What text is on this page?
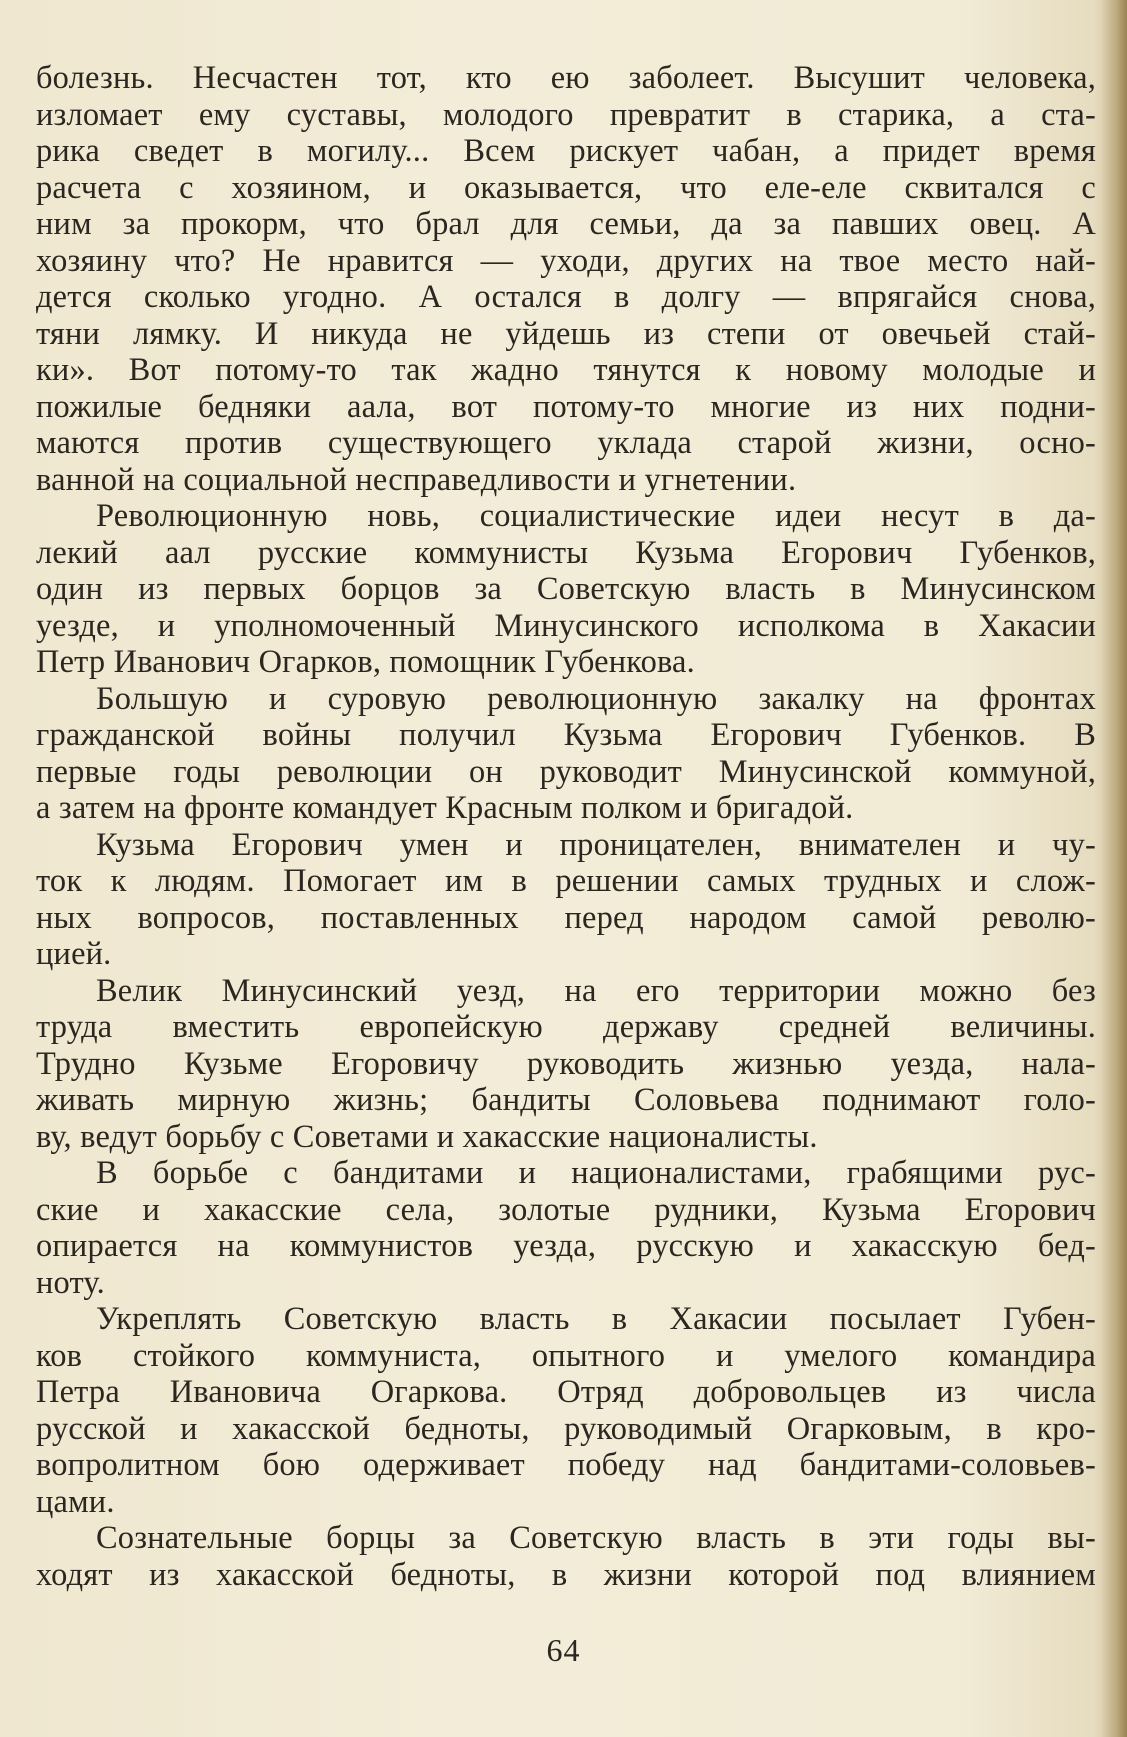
болезнь. Несчастен тот, кто ею заболеет. Высушит человека,
изломает ему суставы, молодого превратит в старика, а ста-
рика сведет в могилу... Всем рискует чабан, а придет время
расчета с хозяином, и оказывается, что еле-еле сквитался с
ним за прокорм, что брал для семьи, да за павших овец. А
хозяину что? Не нравится — уходи, других на твое место най-
дется сколько угодно. А остался в долгу — впрягайся снова,
тяни лямку. И никуда не уйдешь из степи от овечьей стай-
ки». Вот потому-то так жадно тянутся к новому молодые и
пожилые бедняки аала, вот потому-то многие из них подни-
маются против существующего уклада старой жизни, осно-
ванной на социальной несправедливости и угнетении.

Революционную новь, социалистические идеи несут в да-
лекий аал русские коммунисты Кузьма Егорович Губенков,
один из первых борцов за Советскую власть в Минусинском
уезде, и уполномоченный Минусинского исполкома в Хакасии
Петр Иванович Огарков, помощник Губенкова.

Большую и суровую революционную закалку на фронтах
гражданской войны получил Кузьма Егорович Губенков. В
первые годы революции он руководит Минусинской коммуной,
а затем на фронте командует Красным полком и бригадой.

Кузьма Егорович умен и проницателен, внимателен и чу-
ток к людям. Помогает им в решении самых трудных и слож-
ных вопросов, поставленных перед народом самой револю-
цией.

Велик Минусинский уезд, на его территории можно без
труда вместить европейскую державу средней величины.
Трудно Кузьме Егоровичу руководить жизнью уезда, нала-
живать мирную жизнь; бандиты Соловьева поднимают голо-
ву, ведут борьбу с Советами и хакасские националисты.

В борьбе с бандитами и националистами, грабящими рус-
ские и хакасские села, золотые рудники, Кузьма Егорович
опирается на коммунистов уезда, русскую и хакасскую бед-
ноту.

Укреплять Советскую власть в Хакасии посылает Губен-
ков стойкого коммуниста, опытного и умелого командира
Петра Ивановича Огаркова. Отряд добровольцев из числа
русской и хакасской бедноты, руководимый Огарковым, в кро-
вопролитном бою одерживает победу над бандитами-соловьев-
цами.

Сознательные борцы за Советскую власть в эти годы вы-
ходят из хакасской бедноты, в жизни которой под влиянием

64
